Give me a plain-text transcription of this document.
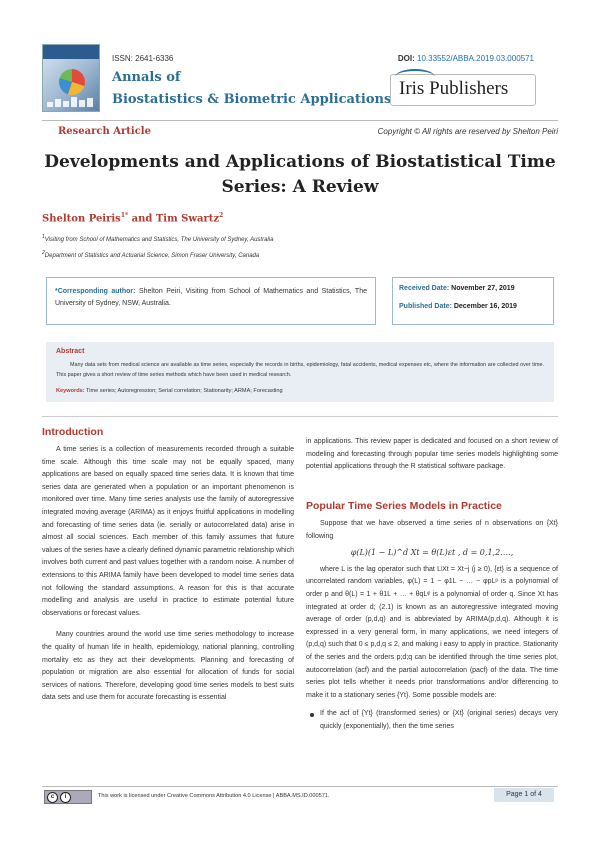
ISSN: 2641-6336
Annals of
Biostatistics & Biometric Applications
DOI: 10.33552/ABBA.2019.03.000571
Iris Publishers
Research Article	Copyright © All rights are reserved by Shelton Peiri
Developments and Applications of Biostatistical Time Series: A Review
Shelton Peiris$^{1*}$ and Tim Swartz$^2$
$^1$Visiting from School of Mathematics and Statistics, The University of Sydney, Australia
$^2$Department of Statistics and Actuarial Science, Simon Fraser University, Canada
*Corresponding author: Shelton Peiri, Visiting from School of Mathematics and Statistics, The University of Sydney, NSW, Australia.
Received Date: November 27, 2019
Published Date: December 16, 2019
Abstract
Many data sets from medical science are available as time series, especially the records in births, epidemiology, fatal accidents, medical expenses etc, where the information are collected over time. This paper gives a short review of time series methods which have been used in medical research.
Keywords: Time series; Autoregression; Serial correlation; Stationarity; ARMA; Forecasting
Introduction

A time series is a collection of measurements recorded through a suitable time scale. Although this time scale may not be equally spaced, many applications are based on equally spaced time series data. It is known that time series data are generated when a population or an important phenomenon is monitored over time. Many time series analysts use the family of autoregressive integrated moving average (ARIMA) as it enjoys fruitful applications in modelling and forecasting of time series data (ie. serially or autocorrelated data) arise in almost all social sciences. Each member of this family assumes that future values of the series have a clearly defined dynamic parametric relationship which involves both current and past values together with a random noise. A number of extensions to this ARIMA family have been developed to model time series data not following the standard assumptions. A reason for this is that accurate modelling and analysis are useful in practice to estimate potential future observations or forecast values.

Many countries around the world use time series methodology to increase the quality of human life in health, epidemiology, national planning, controlling mortality etc as they act their developments. Planning and forecasting of population or migration are also essential for allocation of funds for social services of nations. Therefore, developing good time series models to best suits data sets and use them for accurate forecasting is essential

in applications. This review paper is dedicated and focused on a short review of modeling and forecasting through popular time series models highlighting some potential applications through the R statistical software package.

Popular Time Series Models in Practice

Suppose that we have observed a time series of n observations on {Xt} following

φ(L)(1 − L)^d Xt = θ(L)εt , d = 0,1,2….,

where L is the lag operator such that LʲXt = Xt−j (j ≥ 0), {εt} is a sequence of uncorrelated random variables, φ(L) = 1 − φ1L − … − φpLᵖ is a polynomial of order p and θ(L) = 1 + θ1L + … + θqLᵠ is a polynomial of order q. Since Xt has integrated at order d; (2.1) is known as an autoregressive integrated moving average of order (p,d,q) and is abbreviated by ARIMA(p,d,q). Although it is expressed in a very general form, in many applications, we need integers of (p,d,q) such that 0 ≤ p,d,q ≤ 2, and making i easy to apply in practice. Stationarity of the series and the orders p;d;q can be identified through the time series plot, autocorrelation (acf) and the partial autocorrelation (pacf) of the data. The time series plot tells whether it needs prior transformations and/or differencing to make it to a stationary series {Yt}. Some possible models are:

If the acf of {Yt} (transformed series) or {Xt} (original series) decays very quickly (exponentially), then the time series
c	i	This work is licensed under Creative Commons Attribution 4.0 License | ABBA.MS.ID.000571.	Page 1 of 4
